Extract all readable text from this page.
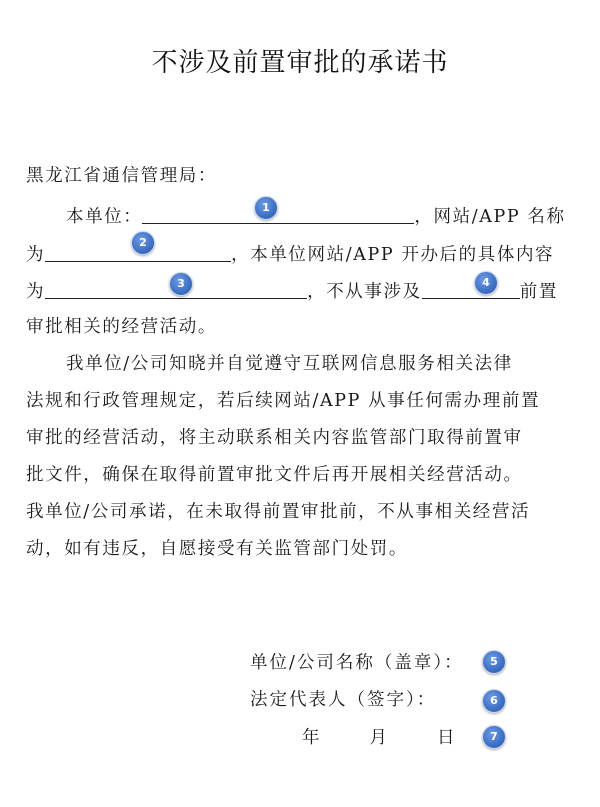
不涉及前置审批的承诺书
黑龙江省通信管理局：
本单位：	，网站/APP 名称
为	，本单位网站/APP 开办后的具体内容
为	，不从事涉及	前置
审批相关的经营活动。
我单位/公司知晓并自觉遵守互联网信息服务相关法律
法规和行政管理规定，若后续网站/APP 从事任何需办理前置
审批的经营活动，将主动联系相关内容监管部门取得前置审
批文件，确保在取得前置审批文件后再开展相关经营活动。
我单位/公司承诺，在未取得前置审批前，不从事相关经营活
动，如有违反，自愿接受有关监管部门处罚。
单位/公司名称（盖章）：
法定代表人（签字）：
年	月	日
1
2
3	4
5
6
7
